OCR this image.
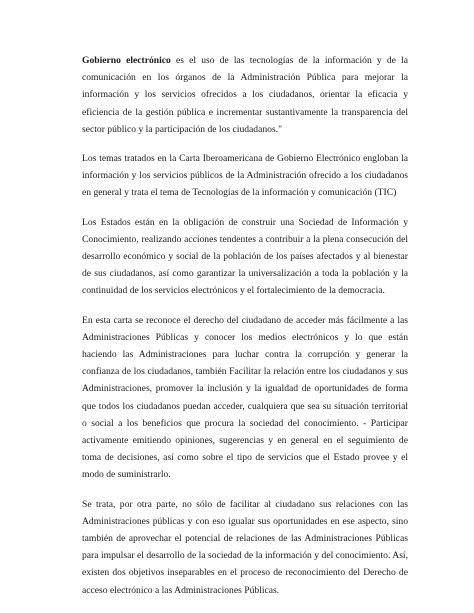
Gobierno electrónico es el uso de las tecnologías de la información y de la comunicación en los órganos de la Administración Pública para mejorar la información y los servicios ofrecidos a los ciudadanos, orientar la eficacia y eficiencia de la gestión pública e incrementar sustantivamente la transparencia del sector público y la participación de los ciudadanos."

Los temas tratados en la Carta Iberoamericana de Gobierno Electrónico engloban la información y los servicios públicos de la Administración ofrecido a los ciudadanos en general y trata el tema de Tecnologías de la información y comunicación (TIC)

Los Estados están en la obligación de construir una Sociedad de Información y Conocimiento, realizando acciones tendentes a contribuir a la plena consecución del desarrollo económico y social de la población de los países afectados y al bienestar de sus ciudadanos, así como garantizar la universalización a toda la población y la continuidad de los servicios electrónicos y el fortalecimiento de la democracia.

En esta carta se reconoce el derecho del ciudadano de acceder más fácilmente a las Administraciones Públicas y conocer los medios electrónicos y lo que están haciendo las Administraciones para luchar contra la corrupción y generar la confianza de los ciudadanos, también Facilitar la relación entre los ciudadanos y sus Administraciones, promover la inclusión y la igualdad de oportunidades de forma que todos los ciudadanos puedan acceder, cualquiera que sea su situación territorial o social a los beneficios que procura la sociedad del conocimiento. - Participar activamente emitiendo opiniones, sugerencias y en general en el seguimiento de toma de decisiones, así como sobre el tipo de servicios que el Estado provee y el modo de suministrarlo.

Se trata, por otra parte, no sólo de facilitar al ciudadano sus relaciones con las Administraciones públicas y con eso igualar sus oportunidades en ese aspecto, sino también de aprovechar el potencial de relaciones de las Administraciones Públicas para impulsar el desarrollo de la sociedad de la información y del conocimiento. Así, existen dos objetivos inseparables en el proceso de reconocimiento del Derecho de acceso electrónico a las Administraciones Públicas.
